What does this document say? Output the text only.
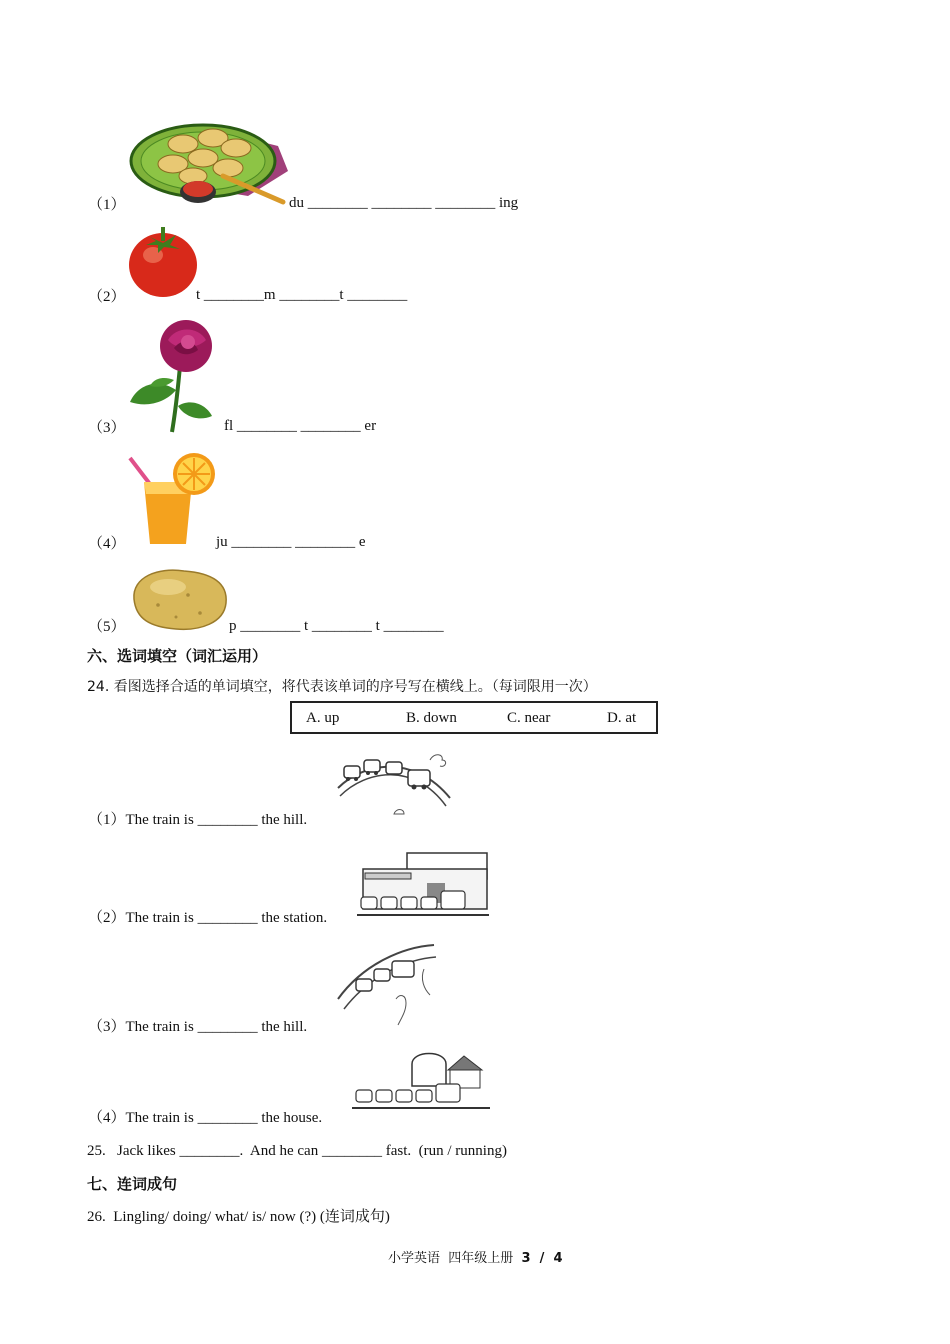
（1）	du ________ ________ ________ ing
（2）	t ________m ________t ________
（3）	fl ________ ________ er
（4）	ju ________ ________ e
（5）	p ________ t ________ t ________
六、选词填空（词汇运用）
24. 看图选择合适的单词填空，将代表该单词的序号写在横线上。（每词限用一次）
A. up	B. down	C. near	D. at
（1）The train is ________ the hill.
（2）The train is ________ the station.
（3）The train is ________ the hill.
（4）The train is ________ the house.
25.   Jack likes ________.  And he can ________ fast.  (run / running)
七、连词成句
26.  Lingling/ doing/ what/ is/ now (?) (连词成句)
小学英语  四年级上册  3  /  4
